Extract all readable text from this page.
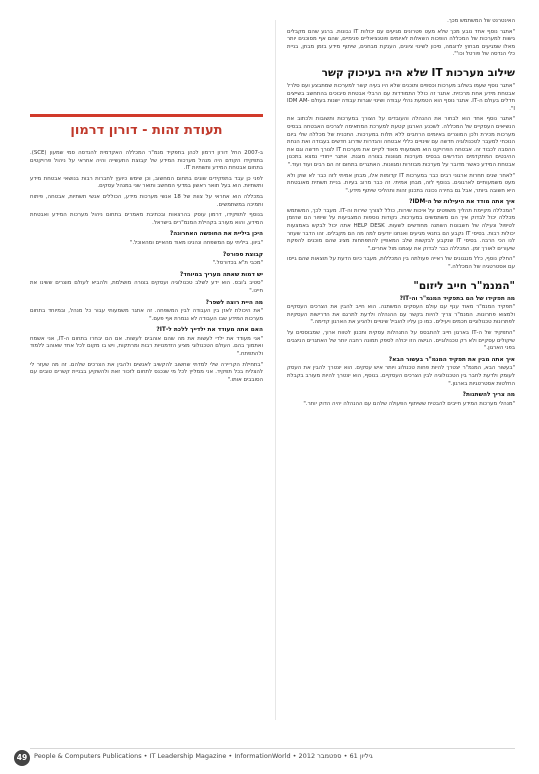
האינטרנט של המשתמש מכך.

"אתגר נוסף אחד נובע מכך שלא מעט פטרונים מגיעים עם יכולות IT נבונות. ברגע שהם מקבלים גישות למערכות של המכללה הופכות השאלות לאיומים פוטנציאליים פנימיים, שהם אף מסוכנים יותר מאלו שמגיעים מבחוץ לדוגמה, סיכון לשינוי ציונים, הענקת מבחנים, שיתוף מידע בזמן מבחן, בניית כלי הנדסה של פורטל וכו'".

שילוב מערכות IT שלא היה בעיכוק קשר

"אתגר נוסף שעמו בשלוב מערכות וכספים ותוכנים שלא היו בעיה קשר למערכות שמתבצע ועם סלרל אבטחת מידע אחת מרכזית. אתגר זה כולל התמודדות עם הרבלי אבטחת סיבוכים בהתחשב בשייצים חדלים בעולם ה-IT. אתגר נוסף הוא הטמעת נהלי עבודה ושינוי שגרות עבודה ישנות בעולם IDM AM-I".

"אתגר נוסף אחד הוא לבחור את ההנהלה והעובדים על הצורך במערכות ותשובות ולכתוב את הנשיאים העסקיים של המכללה. לשכנע הארגון קטעת למערכת המתאימה לצרכים האבטחה בבסיס מערכות מכירת ולכן המוצרים באיומים הרחבים ללא תלות במערכות. התכנית של מכללה שלי ביום הנוכחי למעבר לטכנולוגיה חדשה עם שינויים כללי אבטחה והגדרות שדרוג חדשים בעבודה ואת הנחת ההסבה לכבוד זה. אבטחה הפרויקט הוא משמעותי מאוד לקיים את מערכות IT לצורך חדשה וגם את ההיבטים המתקדמים הנדרשים בבסיס מערכות מגוונות בצורה מוגנת. אתגר ייחודי נמצא בתכנון אבטחת המידע כאשר מדובר על מערכות מבוזרות ומגוונות. האתגרים בתחום זה הם רבים ועוד ועוד."

"לאחר שנים תחרות ארגוני רבים כבר במערכות IT קדומות אלו, מבחן אמיתי לזה כבר לא שוק ולא מעט משמעותיים לארגונים. בנוסף לזה, מבחן אמיתי. זה כבר מרוב בעיות. בניית תשתית מאובטחת היא חשובה ביותר, אבל גם בחירה נכונה בתכנון זהות ותהליכי שיתוף מידע."

איך אתה מודד את היעילות של ה-IDM?

"המכללה מקיימת תהליך משפטים על איכות שירות, כולל לצורך שירות וה-IT. מעבר לכך, המשתמש מכללה יכול לבדוק איך הם משתמשים במערכות. נקודות נוספות המצביעות על שיפור הם שהזמן לטיפול ונעילה של חשבונות השתנה מחודשים לשעות. HELP DESK אתה יכול לבקש באמצעות יכולות רבות. בסיסי IT נקבע הם בתנאי מגיעים ואנחנו יודעים למה מה הם מקבלים. זהו הדבר שעוזר לנו הכי הרבה. בסיסי IT שנקבע לבקשות שלב המאפיין להתפתחות מציג שהם מוכנים להפקת שיעורים לאורך זמן. המכללה כבר לבדוק את עצמנו מול אחרים."

"החלק נוסף, כלל מנגנונים של ראייה פעולתה בין המכללות, מעבר כיוס הדעת על תוצאות שהם גייסו עם אסטרטגיה של המכללה."

"המנמ"ר חייב ליזום"
מה תפקידו של הם בתפקיד המנמ"ר וה-IT?

"תפקיד המנמ"ר מאוד ענף עם עולם העסקים המשתנה. הוא חייב להבין את הצרכים העסקיים ולמצוא פתרונות. המנמ"ר צריך להיות בקשר עם ההנהלה ולדעת לתרגם את הדרישות העסקיות לפתרונות טכנולוגיים חכמים ויעילים. כמו כן עליו להוביל שינויים ולהניע את הארגון קדימה."

"התפקיד של ה-IT בארגון חייב להתבסס על התנהלות עסקית ותכנון לטווח ארוך, שמבוססים על שיקולים עסקיים ולא רק טכנולוגיים. הגישה הזו יכולה לספק תמונה רחבה יותר של האתגרים הניצבים בפני הארגון."

איך אתה מבין את תפקיד המנמ"ר בעשור הבא?

"בעשור הבא, המנמ"ר יצטרך להיות פחות טכנולוג ויותר איש עסקים. הוא יצטרך להבין את העסק לעומק ולדעת לחבר בין הטכנולוגיה לבין הצרכים העסקיים. בנוסף, הוא יצטרך להיות מעורב בקבלת החלטות אסטרטגיות בארגון."

מה צריך להשתנות?

"מנהלי מערכות המידע חייבים להבטיח ששיתוף הפעולה שלהם עם ההנהלה יהיה הדוק יותר."

תעודת זהות - דורון דרמון

ב-2007 החל דורון דרמון לכהן בתפקיד מנמ"ר המכללה האקדמית להנדסה סמי שמעון (SCE). בתפקידו הקודם היה מנהל מערכות המידע של קבוצת התעשייה והיה אחראי על ניהול פרויקטים בתחום אבטחת המידע ותשתיות IT.

לפני כן עבד בתפקידים שונים בתחום המחשוב, וכן שימש כיועץ לחברות רבות בנושאי אבטחת מידע ותשתיות. הוא בעל תואר ראשון במדעי המחשב ותואר שני במנהל עסקים.

במכללה הוא אחראי על צוות של 18 אנשי מערכות מידע, הכוללים אנשי תשתיות, אבטחה, פיתוח ותמיכה במשתמשים.

בנוסף לתפקידו, דרמון עוסק בהרצאות ובכתיבת מאמרים בתחום ניהול מערכות המידע ואבטחת המידע, והוא מעורב בקהילת המנמ"רים בישראל.

היכן ביליית את החופשה האחרונה?

"ביוון. ביליתי עם המשפחה ונהנינו מאוד מהאיים ומהאוכל."

קבוצת ספורט?

"מכבי ת"א בכדורסל."

יש דמות שאתה מעריך במיוחד?

"סטיב ג'ובס. הוא ידע לשלב טכנולוגיה ועסקים בצורה מושלמת, ולהביא לעולם מוצרים ששינו את חיינו."

מה היית רוצה לשפר?

"את היכולת לאזן בין העבודה לבין המשפחה. זה אתגר משמעותי עבור כל מנהל, ובמיוחד בתחום מערכות המידע שבו העבודה לא נגמרת אף פעם."

האם אתה מעודד את ילדייך ללכת ל-IT?

"אני מעודד את ילדי לעשות את מה שהם אוהבים לעשות. אם הם יבחרו בתחום ה-IT, אני אשמח ואתמוך בהם. העולם הטכנולוגי מציע הזדמנויות רבות ומרתקות, ויש בו מקום לכל אחד שאוהב ללמוד ולהתפתח."

"בתחילת הקריירה שלי למדתי שחשוב להקשיב לאנשים ולהבין את הצרכים שלהם. זה מה שעזר לי להצליח בכל תפקיד. אני ממליץ לכל מי שנכנס לתחום לזכור זאת ולהשקיע בבניית קשרים טובים עם הסובבים אותו."

49	People & Computers Publications • IT Leadership Magazine • InformationWorld • 2012 גיליון 61 • ספטמבר
